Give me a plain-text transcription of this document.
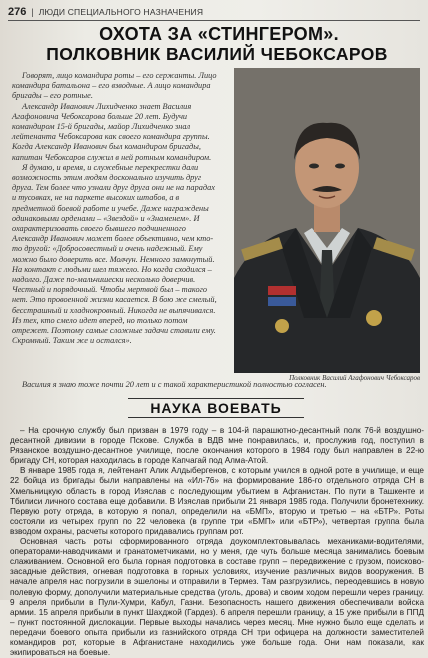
276 | ЛЮДИ СПЕЦИАЛЬНОГО НАЗНАЧЕНИЯ
ОХОТА ЗА «СТИНГЕРОМ».
ПОЛКОВНИК ВАСИЛИЙ ЧЕБОКСАРОВ

Говорят, лицо командира роты – его сержанты. Лицо командира батальона – его взводные. А лицо командира бригады – его ротные.

Александр Иванович Лихидченко знает Василия Агафоновича Чебоксарова больше 20 лет. Будучи командиром 15-й бригады, майор Лихидченко знал лейтенанта Чебоксарова как своего командира группы. Когда Александр Иванович был командиром бригады, капитан Чебоксаров служил в ней ротным командиром.

Я думаю, и время, и служебные перекрестки дали возможность этим людям досконально изучить друг друга. Тем более что узнали друг друга они не на парадах и тусовках, не на паркете высоких штабов, а в предметной боевой работе и учебе. Даже награждены одинаковыми орденами – «Звездой» и «Знаменем». И охарактеризовать своего бывшего подчиненного Александр Иванович может более объективно, чем кто-то другой: «Добросовестный и очень надежный. Ему можно было доверить все. Молчун. Немного замкнутый. На контакт с людьми шел тяжело. Но когда сходился – надолго. Даже по-мальчишески несколько доверчив. Честный и порядочный. Чтобы мертвой был – такого нет. Это провоенной жизни касается. В бою же смелый, бесстрашный и хладнокровный. Никогда не выпячивался. Из тех, кто смело идет вперед, но только потом отрежет. Поэтому самые сложные задачи ставили ему. Скромный. Таким же и остался».

Полковник Василий Агафонович Чебоксаров

Василия я знаю тоже почти 20 лет и с такой характеристикой полностью согласен.

НАУКА ВОЕВАТЬ

– На срочную службу был призван в 1979 году – в 104-й парашютно-десантный полк 76-й воздушно-десантной дивизии в городе Пскове. Служба в ВДВ мне понравилась, и, прослужив год, поступил в Рязанское воздушно-десантное училище, после окончания которого в 1984 году был направлен в 22-ю бригаду СН, которая находилась в городе Капчагай под Алма-Атой.

В январе 1985 года я, лейтенант Алик Алдыбергенов, с которым учился в одной роте в училище, и еще 22 бойца из бригады были направлены на «Ил-76» на формирование 186-го отдельного отряда СН в Хмельницкую область в город Изяслав с последующим убытием в Афганистан. По пути в Ташкенте и Тбилиси личного состава еще добавили. В Изяслав прибыли 21 января 1985 года. Получили бронетехнику. Первую роту отряда, в которую я попал, определили на «БМП», вторую и третью – на «БТР». Роты состояли из четырех групп по 22 человека (в группе три «БМП» или «БТР»), четвертая группа была взводом охраны, расчеты которого придавались группам рот.

Основная часть роты сформированного отряда доукомплектовывалась механиками-водителями, операторами-наводчиками и гранатометчиками, но у меня, где чуть больше месяца занимались боевым слаживанием. Основной его была горная подготовка в составе групп – передвижение с грузом, поисково-засадные действия, огневая подготовка в горных условиях, изучение различных видов вооружения. В начале апреля нас погрузили в эшелоны и отправили в Термез. Там разгрузились, переодевшись в новую полевую форму, дополучили материальные средства (уголь, дрова) и своим ходом перешли через границу. 9 апреля прибыли в Пули-Хумри, Кабул, Газни. Безопасность нашего движения обеспечивали войска армии. 15 апреля прибыли в пункт Шахджой (Гардез). 6 апреля перешли границу, а 15 уже прибыли в ППД – пункт постоянной дислокации. Первые выходы начались через месяц. Мне нужно было еще сделать и передачи боевого опыта прибыли из газнийского отряда СН три офицера на должности заместителей командиров рот, которые в Афганистане находились уже больше года. Они нам показали, как экипироваться на боевые.
